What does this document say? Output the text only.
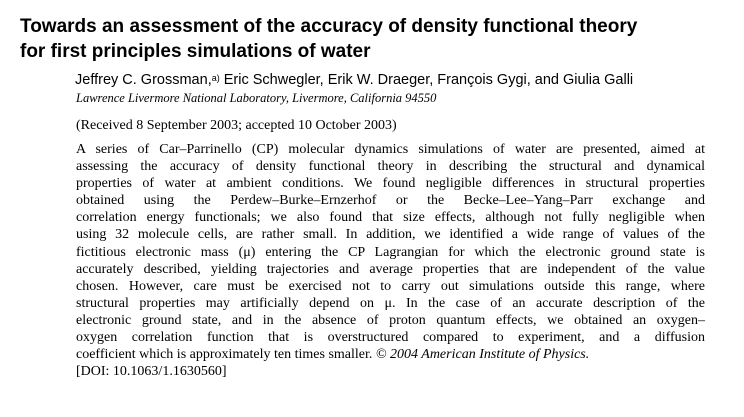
Towards an assessment of the accuracy of density functional theory
for first principles simulations of water
Jeffrey C. Grossman,$^{a)}$ Eric Schwegler, Erik W. Draeger, François Gygi, and Giulia Galli
Lawrence Livermore National Laboratory, Livermore, California 94550
(Received 8 September 2003; accepted 10 October 2003)
A series of Car–Parrinello (CP) molecular dynamics simulations of water are presented, aimed at
assessing the accuracy of density functional theory in describing the structural and dynamical
properties of water at ambient conditions. We found negligible differences in structural properties
obtained using the Perdew–Burke–Ernzerhof or the Becke–Lee–Yang–Parr exchange and
correlation energy functionals; we also found that size effects, although not fully negligible when
using 32 molecule cells, are rather small. In addition, we identified a wide range of values of the
fictitious electronic mass (μ) entering the CP Lagrangian for which the electronic ground state is
accurately described, yielding trajectories and average properties that are independent of the value
chosen. However, care must be exercised not to carry out simulations outside this range, where
structural properties may artificially depend on μ. In the case of an accurate description of the
electronic ground state, and in the absence of proton quantum effects, we obtained an oxygen–
oxygen correlation function that is overstructured compared to experiment, and a diffusion
coefficient which is approximately ten times smaller. © 2004 American Institute of Physics.
[DOI: 10.1063/1.1630560]
